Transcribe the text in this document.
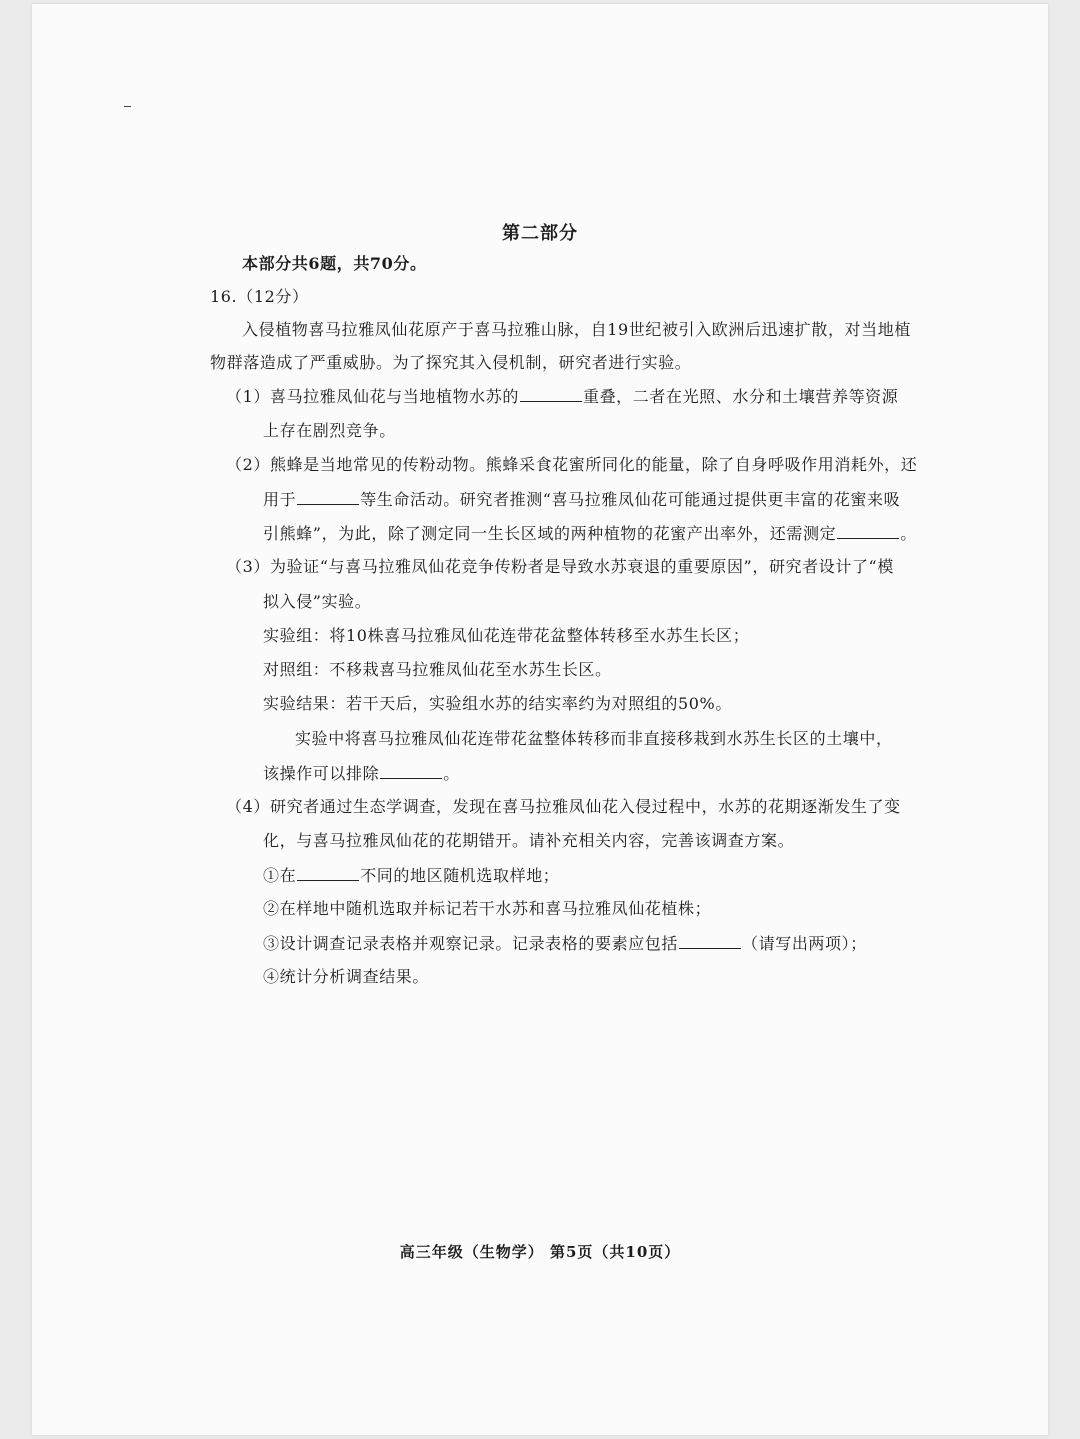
第二部分
本部分共6题，共70分。
16.（12分）
入侵植物喜马拉雅凤仙花原产于喜马拉雅山脉，自19世纪被引入欧洲后迅速扩散，对当地植
物群落造成了严重威胁。为了探究其入侵机制，研究者进行实验。
（1）喜马拉雅凤仙花与当地植物水苏的	重叠，二者在光照、水分和土壤营养等资源
上存在剧烈竞争。
（2）熊蜂是当地常见的传粉动物。熊蜂采食花蜜所同化的能量，除了自身呼吸作用消耗外，还
用于	等生命活动。研究者推测“喜马拉雅凤仙花可能通过提供更丰富的花蜜来吸
引熊蜂”，为此，除了测定同一生长区域的两种植物的花蜜产出率外，还需测定	。
（3）为验证“与喜马拉雅凤仙花竞争传粉者是导致水苏衰退的重要原因”，研究者设计了“模
拟入侵”实验。
实验组：将10株喜马拉雅凤仙花连带花盆整体转移至水苏生长区；
对照组：不移栽喜马拉雅凤仙花至水苏生长区。
实验结果：若干天后，实验组水苏的结实率约为对照组的50%。
实验中将喜马拉雅凤仙花连带花盆整体转移而非直接移栽到水苏生长区的土壤中，
该操作可以排除	。
（4）研究者通过生态学调查，发现在喜马拉雅凤仙花入侵过程中，水苏的花期逐渐发生了变
化，与喜马拉雅凤仙花的花期错开。请补充相关内容，完善该调查方案。
①在	不同的地区随机选取样地；
②在样地中随机选取并标记若干水苏和喜马拉雅凤仙花植株；
③设计调查记录表格并观察记录。记录表格的要素应包括	（请写出两项）；
④统计分析调查结果。
高三年级（生物学） 第5页（共10页）
